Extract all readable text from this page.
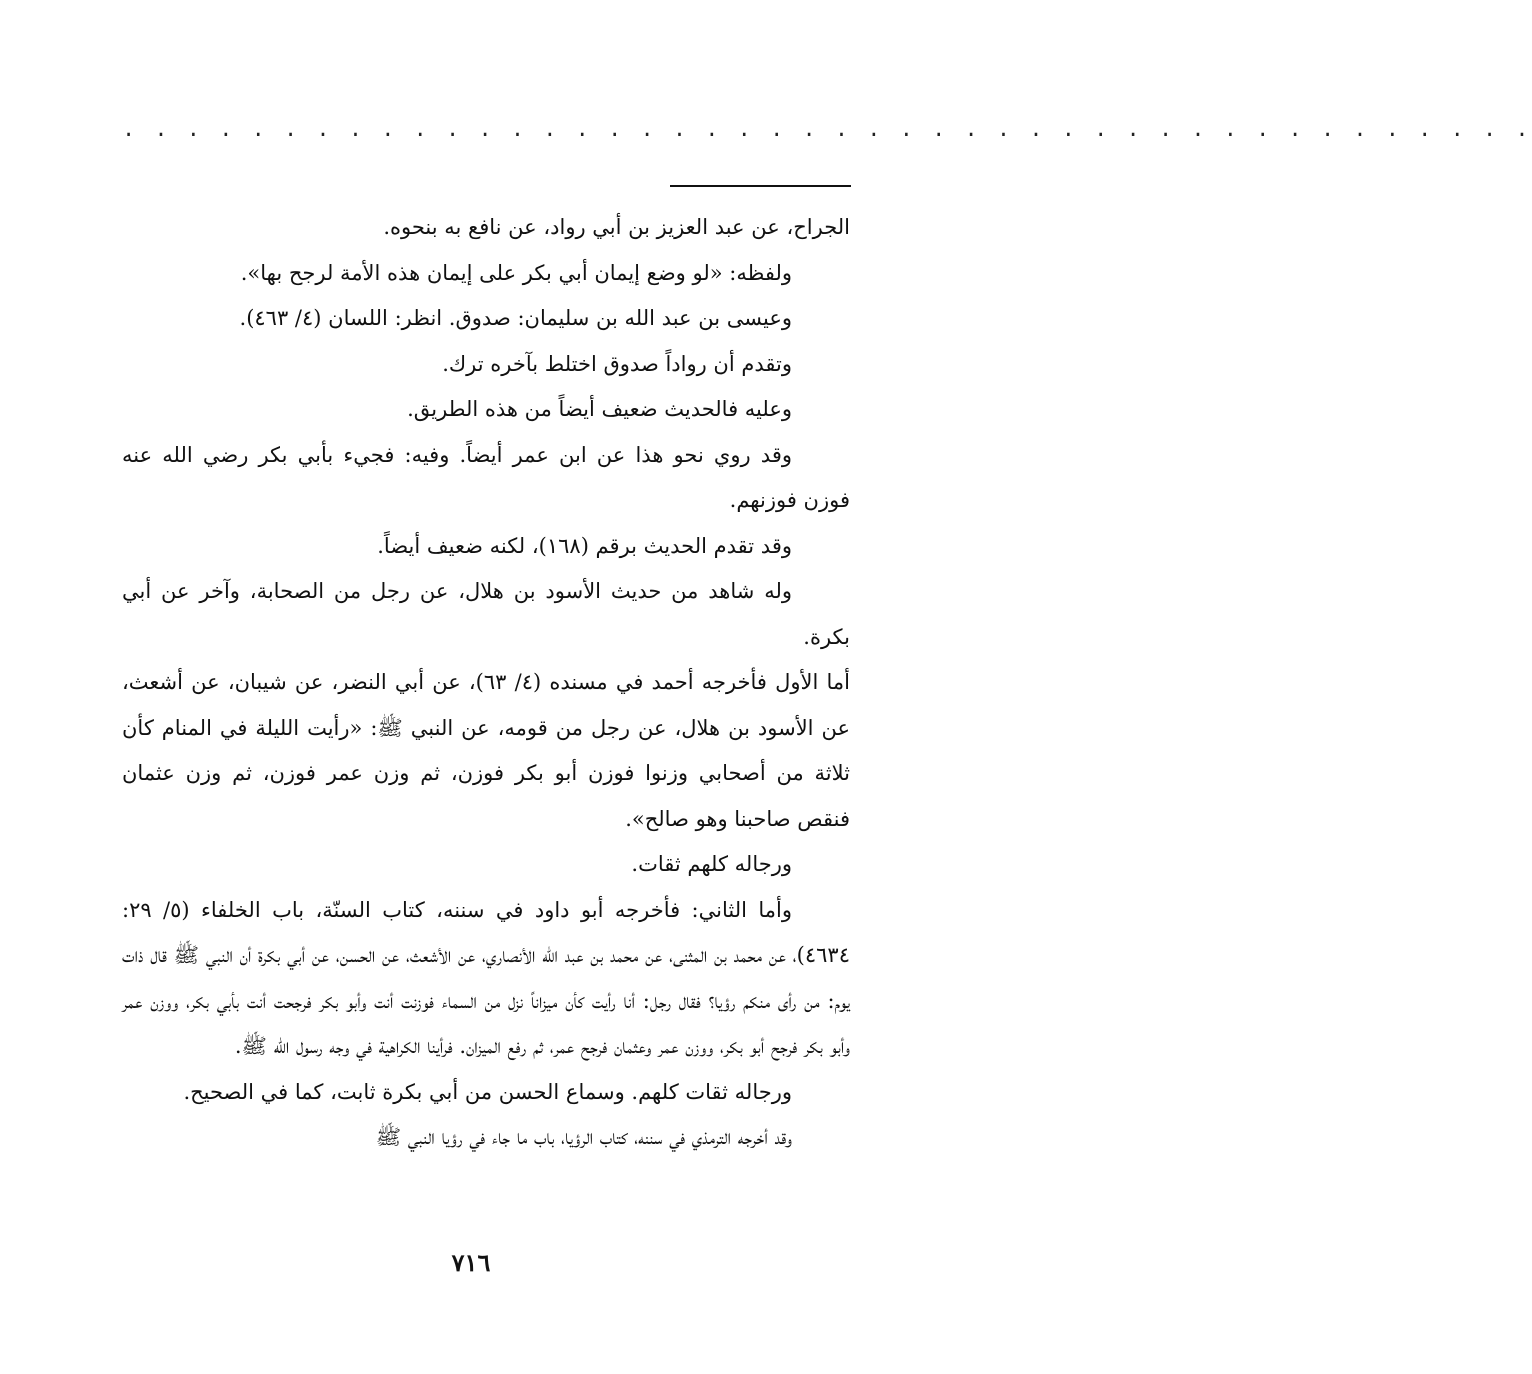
. . . . . . . . . . . . . . . . . . . . . . . . . . . . . . . . . . . . . . . . . . . .

الجراح، عن عبد العزيز بن أبي رواد، عن نافع به بنحوه.

ولفظه: «لو وضع إيمان أبي بكر على إيمان هذه الأمة لرجح بها».

وعيسى بن عبد الله بن سليمان: صدوق. انظر: اللسان (٤/ ٤٦٣).

وتقدم أن رواداً صدوق اختلط بآخره ترك.

وعليه فالحديث ضعيف أيضاً من هذه الطريق.

وقد روي نحو هذا عن ابن عمر أيضاً. وفيه: فجيء بأبي بكر رضي الله عنه فوزن فوزنهم.

وقد تقدم الحديث برقم (١٦٨)، لكنه ضعيف أيضاً.

وله شاهد من حديث الأسود بن هلال، عن رجل من الصحابة، وآخر عن أبي بكرة.

أما الأول فأخرجه أحمد في مسنده (٤/ ٦٣)، عن أبي النضر، عن شيبان، عن أشعث، عن الأسود بن هلال، عن رجل من قومه، عن النبي ﷺ: «رأيت الليلة في المنام كأن ثلاثة من أصحابي وزنوا فوزن أبو بكر فوزن، ثم وزن عمر فوزن، ثم وزن عثمان فنقص صاحبنا وهو صالح».

ورجاله كلهم ثقات.

وأما الثاني: فأخرجه أبو داود في سننه، كتاب السنّة، باب الخلفاء (٥/ ٢٩: ٤٦٣٤)، عن محمد بن المثنى، عن محمد بن عبد الله الأنصاري، عن الأشعث، عن الحسن، عن أبي بكرة أن النبي ﷺ قال ذات يوم: من رأى منكم رؤيا؟ فقال رجل: أنا رأيت كأن ميزاناً نزل من السماء فوزنت أنت وأبو بكر فرجحت أنت بأبي بكر، ووزن عمر وأبو بكر فرجح أبو بكر، ووزن عمر وعثمان فرجح عمر، ثم رفع الميزان. فرأينا الكراهية في وجه رسول الله ﷺ.

ورجاله ثقات كلهم. وسماع الحسن من أبي بكرة ثابت، كما في الصحيح.

وقد أخرجه الترمذي في سننه، كتاب الرؤيا، باب ما جاء في رؤيا النبي ﷺ

٧١٦
